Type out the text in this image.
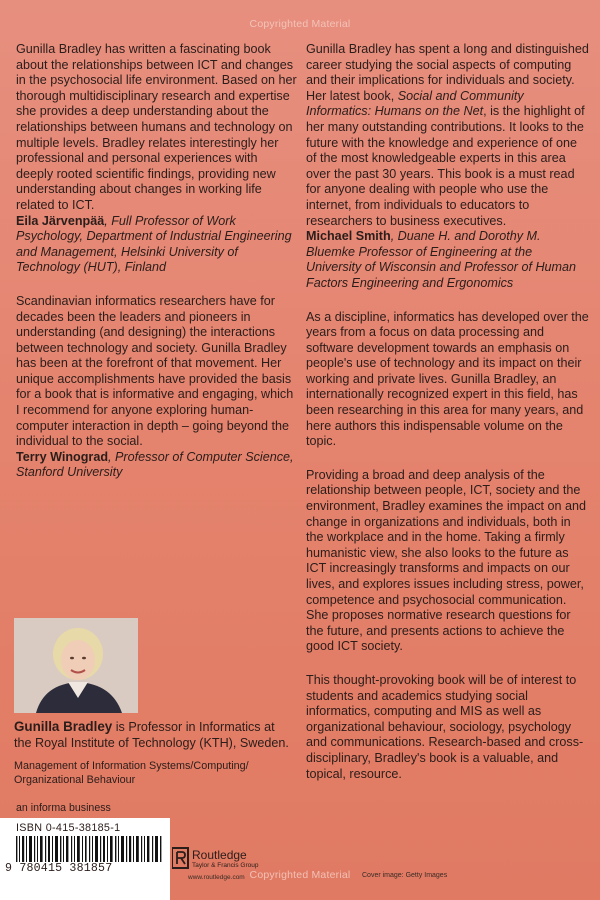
Copyrighted Material
Copyrighted Material

Gunilla Bradley has written a fascinating book about the relationships between ICT and changes in the psychosocial life environment. Based on her thorough multidisciplinary research and expertise she provides a deep understanding about the relationships between humans and technology on multiple levels. Bradley relates interestingly her professional and personal experiences with deeply rooted scientific findings, providing new understanding about changes in working life related to ICT.
Eila Järvenpää, Full Professor of Work Psychology, Department of Industrial Engineering and Management, Helsinki University of Technology (HUT), Finland

Scandinavian informatics researchers have for decades been the leaders and pioneers in understanding (and designing) the interactions between technology and society. Gunilla Bradley has been at the forefront of that movement. Her unique accomplishments have provided the basis for a book that is informative and engaging, which I recommend for anyone exploring human-computer interaction in depth – going beyond the individual to the social.
Terry Winograd, Professor of Computer Science, Stanford University

Gunilla Bradley has spent a long and distinguished career studying the social aspects of computing and their implications for individuals and society. Her latest book, Social and Community Informatics: Humans on the Net, is the highlight of her many outstanding contributions. It looks to the future with the knowledge and experience of one of the most knowledgeable experts in this area over the past 30 years. This book is a must read for anyone dealing with people who use the internet, from individuals to educators to researchers to business executives.
Michael Smith, Duane H. and Dorothy M. Bluemke Professor of Engineering at the University of Wisconsin and Professor of Human Factors Engineering and Ergonomics

As a discipline, informatics has developed over the years from a focus on data processing and software development towards an emphasis on people's use of technology and its impact on their working and private lives. Gunilla Bradley, an internationally recognized expert in this field, has been researching in this area for many years, and here authors this indispensable volume on the topic.

Providing a broad and deep analysis of the relationship between people, ICT, society and the environment, Bradley examines the impact on and change in organizations and individuals, both in the workplace and in the home. Taking a firmly humanistic view, she also looks to the future as ICT increasingly transforms and impacts on our lives, and explores issues including stress, power, competence and psychosocial communication. She proposes normative research questions for the future, and presents actions to achieve the good ICT society.

This thought-provoking book will be of interest to students and academics studying social informatics, computing and MIS as well as organizational behaviour, sociology, psychology and communications. Research-based and cross-disciplinary, Bradley's book is a valuable, and topical, resource.

Gunilla Bradley is Professor in Informatics at the Royal Institute of Technology (KTH), Sweden.
Management of Information Systems/Computing/ Organizational Behaviour
an informa business
ISBN 0-415-38185-1
9 780415 381857
Routledge
Taylor & Francis Group
www.routledge.com	Cover image: Getty Images
